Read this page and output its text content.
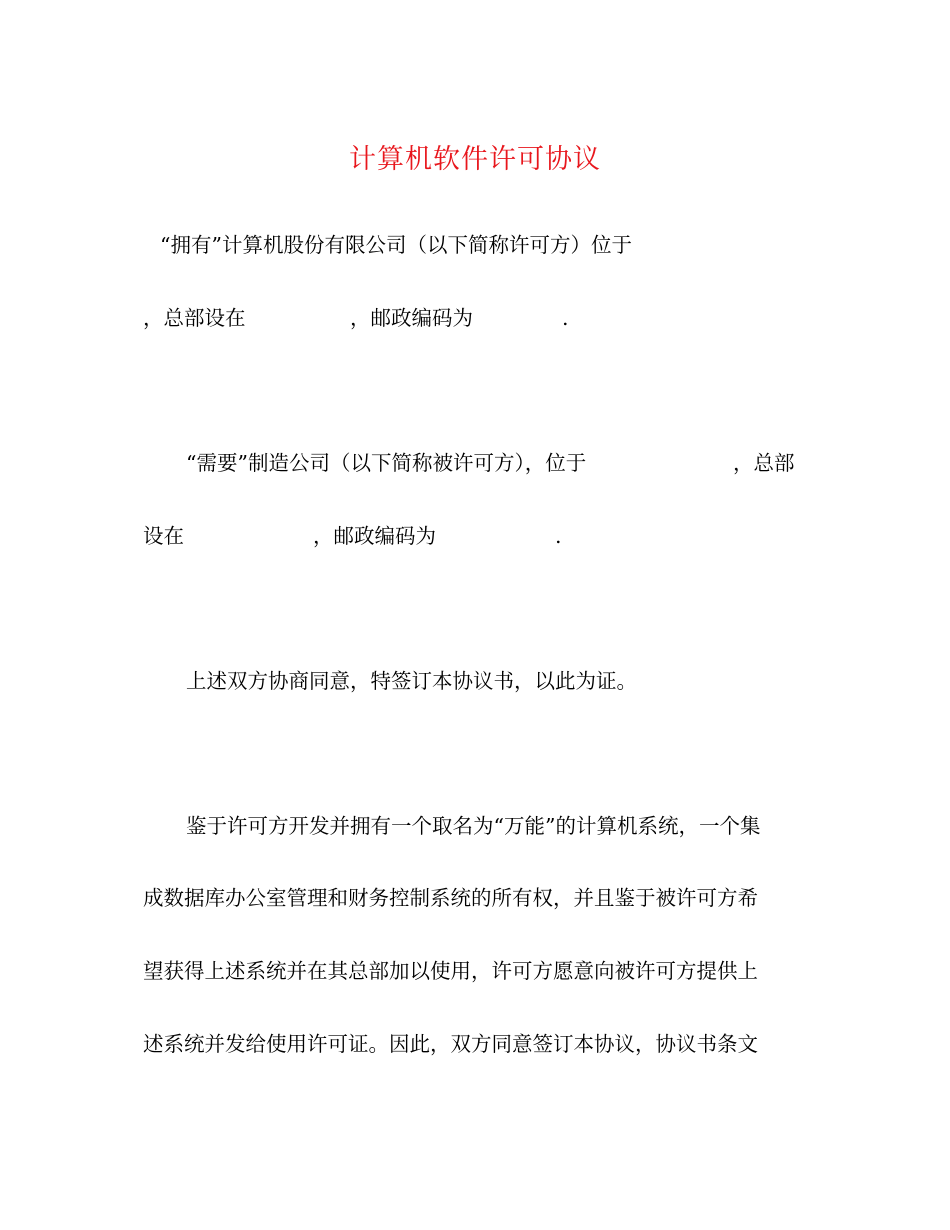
计算机软件许可协议
“拥有”计算机股份有限公司（以下简称许可方）位于
，总部设在	，邮政编码为	.
“需要”制造公司（以下简称被许可方），位于	，总部
设在	，邮政编码为	.
上述双方协商同意，特签订本协议书，以此为证。
鉴于许可方开发并拥有一个取名为“万能”的计算机系统，一个集
成数据库办公室管理和财务控制系统的所有权，并且鉴于被许可方希
望获得上述系统并在其总部加以使用，许可方愿意向被许可方提供上
述系统并发给使用许可证。因此，双方同意签订本协议，协议书条文
